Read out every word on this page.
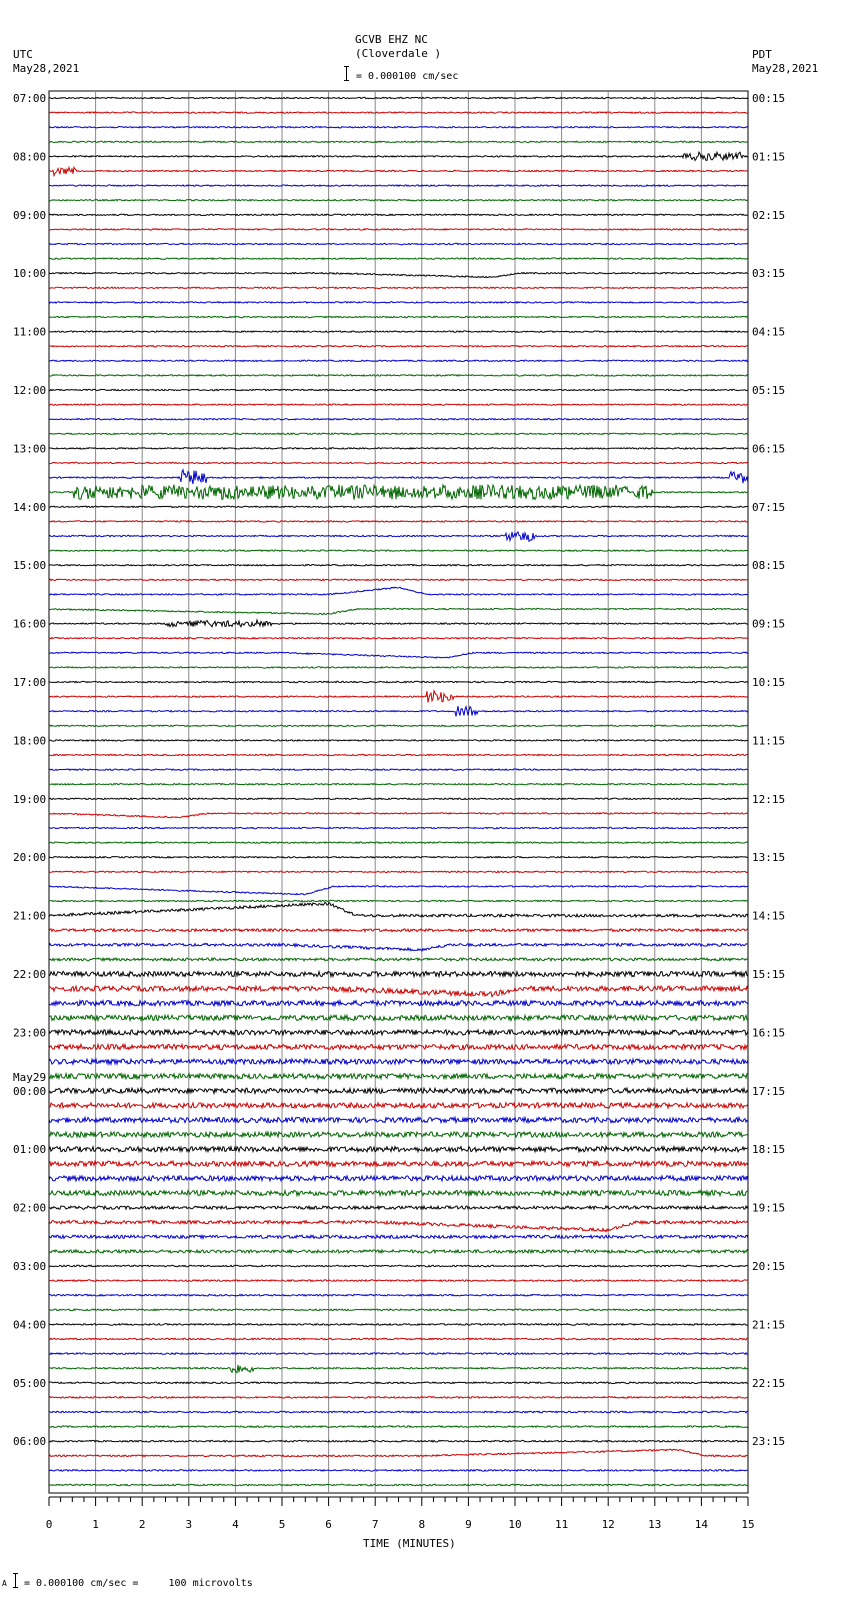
GCVB EHZ NC
(Cloverdale )
= 0.000100 cm/sec
UTC
May28,2021
PDT
May28,2021
0	1	2	3	4	5	6	7	8	9	10	11	12	13	14	15
07:00
08:00
09:00
10:00
11:00
12:00
13:00
14:00
15:00
16:00
17:00
18:00
19:00
20:00
21:00
22:00
23:00
00:00
01:00
02:00
03:00
04:00
05:00
06:00
May29
00:15
01:15
02:15
03:15
04:15
05:15
06:15
07:15
08:15
09:15
10:15
11:15
12:15
13:15
14:15
15:15
16:15
17:15
18:15
19:15
20:15
21:15
22:15
23:15
TIME (MINUTES)
A = 0.000100 cm/sec =     100 microvolts
